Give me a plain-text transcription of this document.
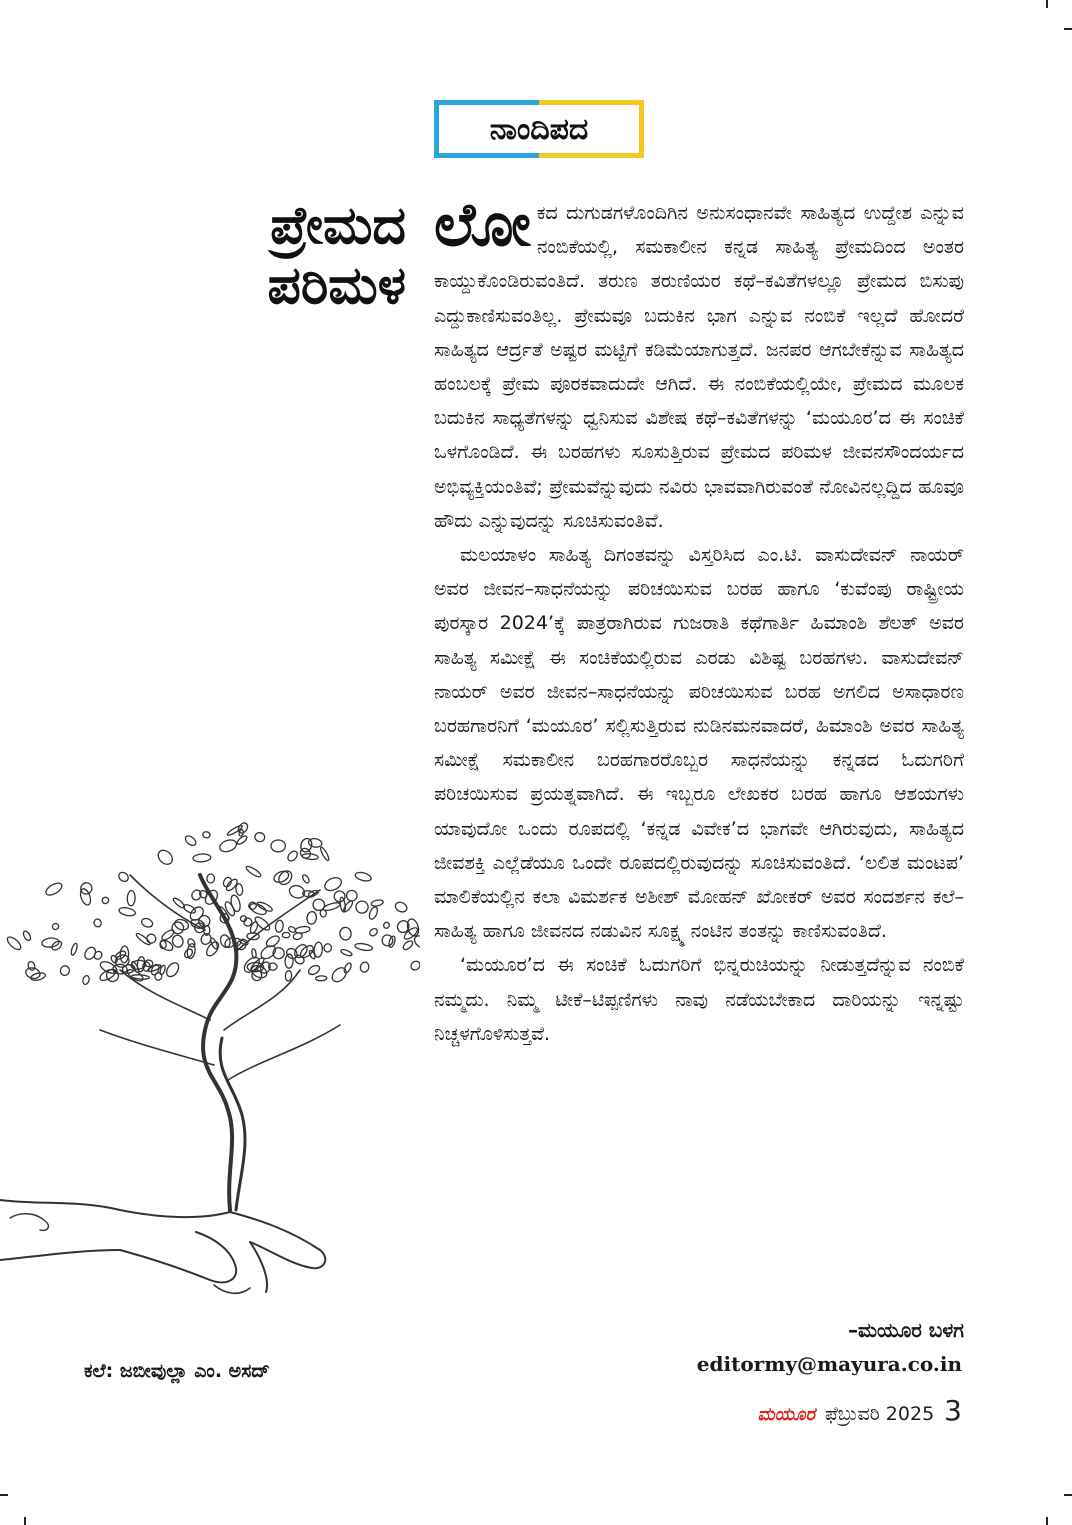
ನಾಂದಿಪದ
ಪ್ರೇಮದ
ಪರಿಮಳ

ಲೋಕದ ದುಗುಡಗಳೊಂದಿಗಿನ ಅನುಸಂಧಾನವೇ ಸಾಹಿತ್ಯದ ಉದ್ದೇಶ ಎನ್ನುವ ನಂಬಿಕೆಯಲ್ಲಿ, ಸಮಕಾಲೀನ ಕನ್ನಡ ಸಾಹಿತ್ಯ ಪ್ರೇಮದಿಂದ ಅಂತರ ಕಾಯ್ದುಕೊಂಡಿರುವಂತಿದೆ. ತರುಣ ತರುಣಿಯರ ಕಥೆ–ಕವಿತೆಗಳಲ್ಲೂ ಪ್ರೇಮದ ಬಿಸುಪು ಎದ್ದುಕಾಣಿಸುವಂತಿಲ್ಲ. ಪ್ರೇಮವೂ ಬದುಕಿನ ಭಾಗ ಎನ್ನುವ ನಂಬಿಕೆ ಇಲ್ಲದೆ ಹೋದರೆ ಸಾಹಿತ್ಯದ ಆರ್ದ್ರತೆ ಅಷ್ಟರ ಮಟ್ಟಿಗೆ ಕಡಿಮೆಯಾಗುತ್ತದೆ. ಜನಪರ ಆಗಬೇಕೆನ್ನುವ ಸಾಹಿತ್ಯದ ಹಂಬಲಕ್ಕೆ ಪ್ರೇಮ ಪೂರಕವಾದುದೇ ಆಗಿದೆ. ಈ ನಂಬಿಕೆಯಲ್ಲಿಯೇ, ಪ್ರೇಮದ ಮೂಲಕ ಬದುಕಿನ ಸಾಧ್ಯತೆಗಳನ್ನು ಧ್ವನಿಸುವ ವಿಶೇಷ ಕಥೆ–ಕವಿತೆಗಳನ್ನು ‘ಮಯೂರ’ದ ಈ ಸಂಚಿಕೆ ಒಳಗೊಂಡಿದೆ. ಈ ಬರಹಗಳು ಸೂಸುತ್ತಿರುವ ಪ್ರೇಮದ ಪರಿಮಳ ಜೀವನಸೌಂದರ್ಯದ ಅಭಿವ್ಯಕ್ತಿಯಂತಿವೆ; ಪ್ರೇಮವೆನ್ನುವುದು ನವಿರು ಭಾವವಾಗಿರುವಂತೆ ನೋವಿನಲ್ಲದ್ದಿದ ಹೂವೂ ಹೌದು ಎನ್ನುವುದನ್ನು ಸೂಚಿಸುವಂತಿವೆ.

ಮಲಯಾಳಂ ಸಾಹಿತ್ಯ ದಿಗಂತವನ್ನು ವಿಸ್ತರಿಸಿದ ಎಂ.ಟಿ. ವಾಸುದೇವನ್ ನಾಯರ್ ಅವರ ಜೀವನ–ಸಾಧನೆಯನ್ನು ಪರಿಚಯಿಸುವ ಬರಹ ಹಾಗೂ ‘ಕುವೆಂಪು ರಾಷ್ಟ್ರೀಯ ಪುರಸ್ಕಾರ 2024’ಕ್ಕೆ ಪಾತ್ರರಾಗಿರುವ ಗುಜರಾತಿ ಕಥೆಗಾರ್ತಿ ಹಿಮಾಂಶಿ ಶೆಲತ್ ಅವರ ಸಾಹಿತ್ಯ ಸಮೀಕ್ಷೆ ಈ ಸಂಚಿಕೆಯಲ್ಲಿರುವ ಎರಡು ವಿಶಿಷ್ಟ ಬರಹಗಳು. ವಾಸುದೇವನ್ ನಾಯರ್ ಅವರ ಜೀವನ–ಸಾಧನೆಯನ್ನು ಪರಿಚಯಿಸುವ ಬರಹ ಅಗಲಿದ ಅಸಾಧಾರಣ ಬರಹಗಾರನಿಗೆ ‘ಮಯೂರ’ ಸಲ್ಲಿಸುತ್ತಿರುವ ನುಡಿನಮನವಾದರೆ, ಹಿಮಾಂಶಿ ಅವರ ಸಾಹಿತ್ಯ ಸಮೀಕ್ಷೆ ಸಮಕಾಲೀನ ಬರಹಗಾರರೊಬ್ಬರ ಸಾಧನೆಯನ್ನು ಕನ್ನಡದ ಓದುಗರಿಗೆ ಪರಿಚಯಿಸುವ ಪ್ರಯತ್ನವಾಗಿದೆ. ಈ ಇಬ್ಬರೂ ಲೇಖಕರ ಬರಹ ಹಾಗೂ ಆಶಯಗಳು ಯಾವುದೋ ಒಂದು ರೂಪದಲ್ಲಿ ‘ಕನ್ನಡ ವಿವೇಕ’ದ ಭಾಗವೇ ಆಗಿರುವುದು, ಸಾಹಿತ್ಯದ ಜೀವಶಕ್ತಿ ಎಲ್ಲೆಡೆಯೂ ಒಂದೇ ರೂಪದಲ್ಲಿರುವುದನ್ನು ಸೂಚಿಸುವಂತಿದೆ. ‘ಲಲಿತ ಮಂಟಪ’ ಮಾಲಿಕೆಯಲ್ಲಿನ ಕಲಾ ವಿಮರ್ಶಕ ಅಶೀಶ್ ಮೋಹನ್ ಖೋಕರ್ ಅವರ ಸಂದರ್ಶನ ಕಲೆ–ಸಾಹಿತ್ಯ ಹಾಗೂ ಜೀವನದ ನಡುವಿನ ಸೂಕ್ಷ್ಮ ನಂಟಿನ ತಂತನ್ನು ಕಾಣಿಸುವಂತಿದೆ.

‘ಮಯೂರ’ದ ಈ ಸಂಚಿಕೆ ಓದುಗರಿಗೆ ಭಿನ್ನರುಚಿಯನ್ನು ನೀಡುತ್ತದೆನ್ನುವ ನಂಬಿಕೆ ನಮ್ಮದು. ನಿಮ್ಮ ಟೀಕೆ–ಟಿಪ್ಪಣಿಗಳು ನಾವು ನಡೆಯಬೇಕಾದ ದಾರಿಯನ್ನು ಇನ್ನಷ್ಟು ನಿಚ್ಚಳಗೊಳಿಸುತ್ತವೆ.

–ಮಯೂರ ಬಳಗ
editormy@mayura.co.in
ಕಲೆ: ಜಬೀವುಲ್ಲಾ ಎಂ. ಅಸದ್
ಮಯೂರ ಫೆಬ್ರುವರಿ 2025 3
